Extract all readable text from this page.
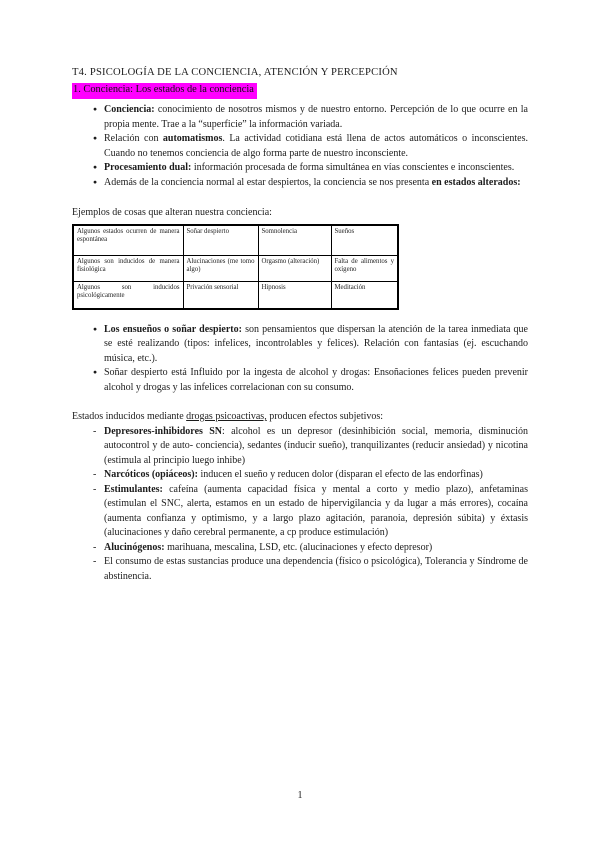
T4. PSICOLOGÍA DE LA CONCIENCIA, ATENCIÓN Y PERCEPCIÓN
1. Conciencia: Los estados de la conciencia
● Conciencia: conocimiento de nosotros mismos y de nuestro entorno. Percepción de lo que ocurre en la propia mente. Trae a la “superficie” la información variada.
● Relación con automatismos. La actividad cotidiana está llena de actos automáticos o inconscientes. Cuando no tenemos conciencia de algo forma parte de nuestro inconsciente.
● Procesamiento dual: información procesada de forma simultánea en vías conscientes e inconscientes.
● Además de la conciencia normal al estar despiertos, la conciencia se nos presenta en estados alterados:
Ejemplos de cosas que alteran nuestra conciencia:
Algunos estados ocurren de manera espontánea	Soñar despierto	Somnolencia	Sueños
Algunos son inducidos de manera fisiológica	Alucinaciones (me tomo algo)	Orgasmo (alteración)	Falta de alimentos y oxígeno
Algunos son inducidos psicológicamente	Privación sensorial	Hipnosis	Meditación
● Los ensueños o soñar despierto: son pensamientos que dispersan la atención de la tarea inmediata que se esté realizando (tipos: infelices, incontrolables y felices). Relación con fantasías (ej. escuchando música, etc.).
● Soñar despierto está Influido por la ingesta de alcohol y drogas: Ensoñaciones felices pueden prevenir alcohol y drogas y las infelices correlacionan con su consumo.
Estados inducidos mediante drogas psicoactivas, producen efectos subjetivos:
- Depresores-inhibidores SN: alcohol es un depresor (desinhibición social, memoria, disminución autocontrol y de auto- conciencia), sedantes (inducir sueño), tranquilizantes (reducir ansiedad) y nicotina (estimula al principio luego inhibe)
- Narcóticos (opiáceos): inducen el sueño y reducen dolor (disparan el efecto de las endorfinas)
- Estimulantes: cafeína (aumenta capacidad física y mental a corto y medio plazo), anfetaminas (estimulan el SNC, alerta, estamos en un estado de hipervigilancia y da lugar a más errores), cocaína (aumenta confianza y optimismo, y a largo plazo agitación, paranoia, depresión súbita) y éxtasis (alucinaciones y daño cerebral permanente, a cp produce estimulación)
- Alucinógenos: marihuana, mescalina, LSD, etc. (alucinaciones y efecto depresor)
- El consumo de estas sustancias produce una dependencia (físico o psicológica), Tolerancia y Síndrome de abstinencia.
1
